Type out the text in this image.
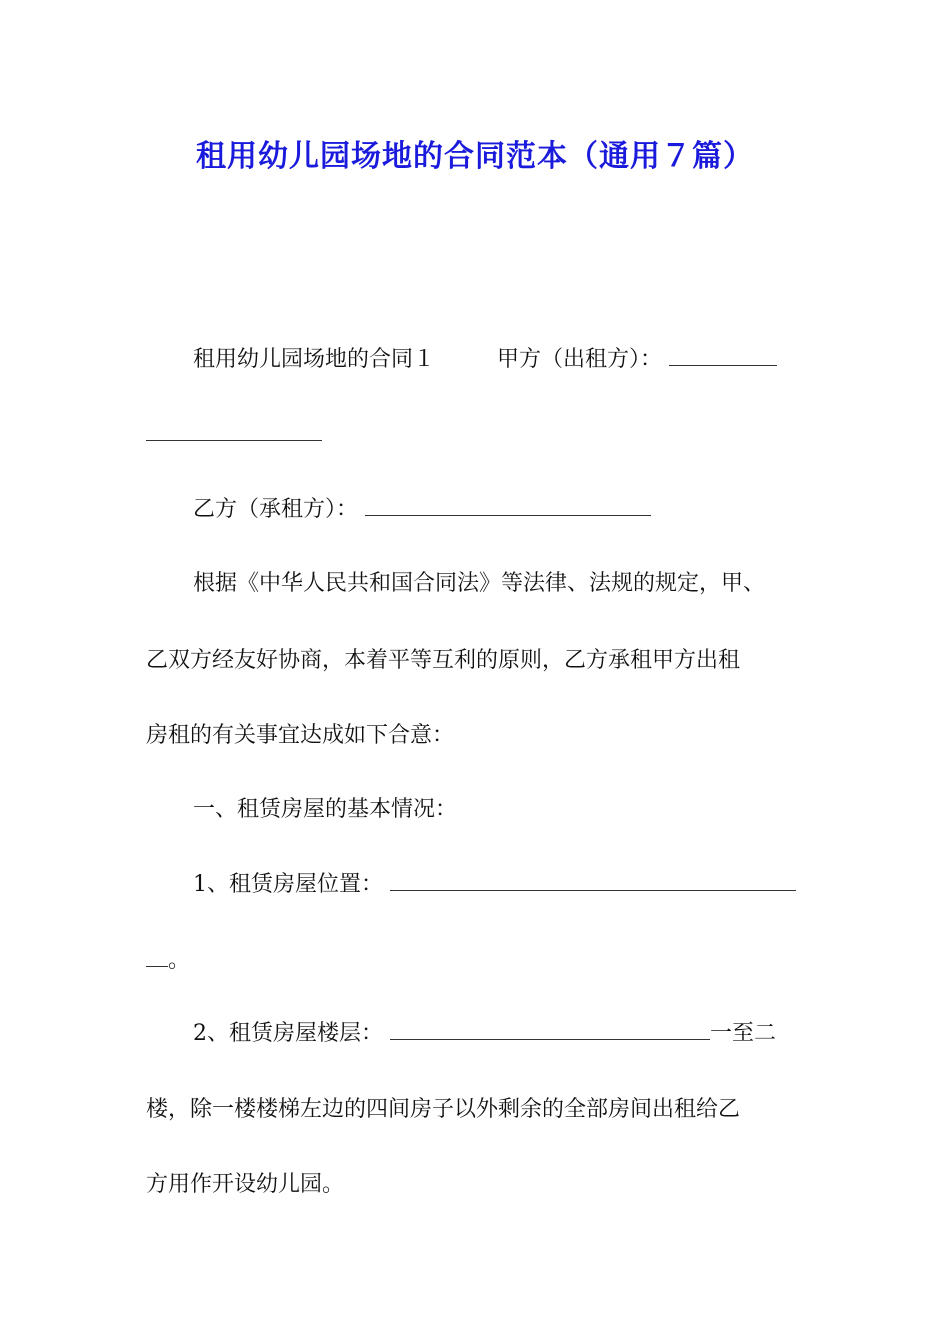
租用幼儿园场地的合同范本（通用７篇）
租用幼儿园场地的合同１	甲方（出租方）：
乙方（承租方）：
根据《中华人民共和国合同法》等法律、法规的规定，甲、
乙双方经友好协商，本着平等互利的原则，乙方承租甲方出租
房租的有关事宜达成如下合意：
一、租赁房屋的基本情况：
1、租赁房屋位置：
。
2、租赁房屋楼层：	一至二
楼，除一楼楼梯左边的四间房子以外剩余的全部房间出租给乙
方用作开设幼儿园。
